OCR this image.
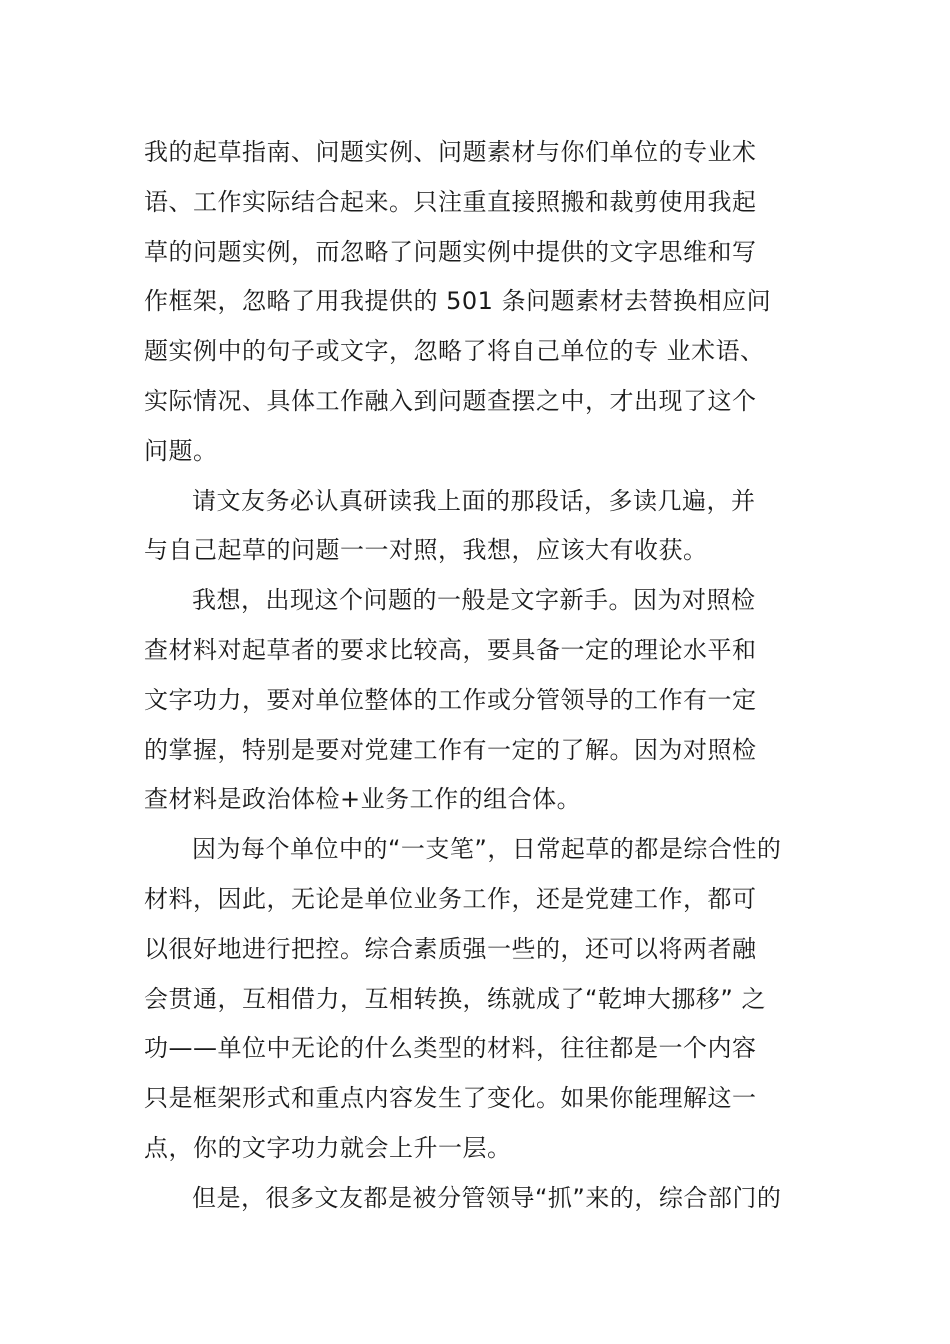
我的起草指南、问题实例、问题素材与你们单位的专业术
语、工作实际结合起来。只注重直接照搬和裁剪使用我起
草的问题实例，而忽略了问题实例中提供的文字思维和写
作框架，忽略了用我提供的 501 条问题素材去替换相应问
题实例中的句子或文字，忽略了将自己单位的专 业术语、
实际情况、具体工作融入到问题查摆之中，才出现了这个
问题。
请文友务必认真研读我上面的那段话，多读几遍，并
与自己起草的问题一一对照，我想，应该大有收获。
我想，出现这个问题的一般是文字新手。因为对照检
查材料对起草者的要求比较高，要具备一定的理论水平和
文字功力，要对单位整体的工作或分管领导的工作有一定
的掌握，特别是要对党建工作有一定的了解。因为对照检
查材料是政治体检+业务工作的组合体。
因为每个单位中的“一支笔”，日常起草的都是综合性的
材料，因此，无论是单位业务工作，还是党建工作，都可
以很好地进行把控。综合素质强一些的，还可以将两者融
会贯通，互相借力，互相转换，练就成了“乾坤大挪移” 之
功——单位中无论的什么类型的材料，往往都是一个内容
只是框架形式和重点内容发生了变化。如果你能理解这一
点，你的文字功力就会上升一层。
但是，很多文友都是被分管领导“抓”来的，综合部门的
